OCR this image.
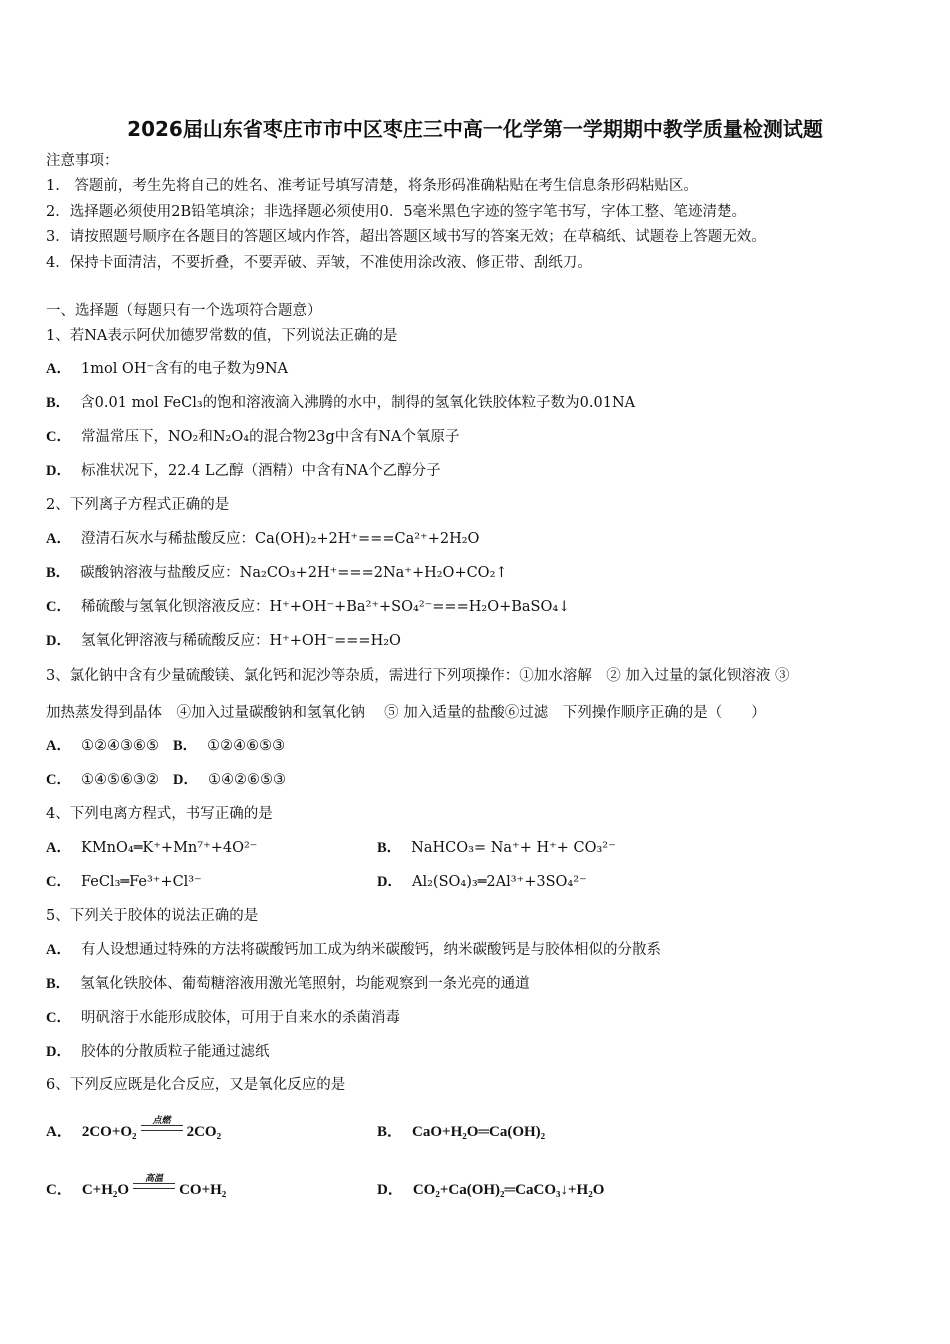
2026届山东省枣庄市市中区枣庄三中高一化学第一学期期中教学质量检测试题
注意事项：
1.　答题前，考生先将自己的姓名、准考证号填写清楚，将条形码准确粘贴在考生信息条形码粘贴区。
2．选择题必须使用2B铅笔填涂；非选择题必须使用0．5毫米黑色字迹的签字笔书写，字体工整、笔迹清楚。
3．请按照题号顺序在各题目的答题区域内作答，超出答题区域书写的答案无效；在草稿纸、试题卷上答题无效。
4．保持卡面清洁，不要折叠，不要弄破、弄皱，不准使用涂改液、修正带、刮纸刀。
一、选择题（每题只有一个选项符合题意）
1、若NA表示阿伏加德罗常数的值，下列说法正确的是
A． 1mol OH⁻含有的电子数为9NA
B． 含0.01 mol FeCl₃的饱和溶液滴入沸腾的水中，制得的氢氧化铁胶体粒子数为0.01NA
C． 常温常压下，NO₂和N₂O₄的混合物23g中含有NA个氧原子
D． 标准状况下，22.4 L乙醇（酒精）中含有NA个乙醇分子
2、下列离子方程式正确的是
A． 澄清石灰水与稀盐酸反应：Ca(OH)₂+2H⁺===Ca²⁺+2H₂O
B． 碳酸钠溶液与盐酸反应：Na₂CO₃+2H⁺===2Na⁺+H₂O+CO₂↑
C． 稀硫酸与氢氧化钡溶液反应：H⁺+OH⁻+Ba²⁺+SO₄²⁻===H₂O+BaSO₄↓
D． 氢氧化钾溶液与稀硫酸反应：H⁺+OH⁻===H₂O
3、氯化钠中含有少量硫酸镁、氯化钙和泥沙等杂质，需进行下列项操作：①加水溶解　② 加入过量的氯化钡溶液 ③
加热蒸发得到晶体　④加入过量碳酸钠和氢氧化钠　 ⑤ 加入适量的盐酸⑥过滤　下列操作顺序正确的是（　　）
A． ①②④③⑥⑤ B． ①②④⑥⑤③
C． ①④⑤⑥③② D． ①④②⑥⑤③
4、下列电离方程式，书写正确的是
A． KMnO₄═K⁺+Mn⁷⁺+4O²⁻	B． NaHCO₃= Na⁺+ H⁺+ CO₃²⁻
C． FeCl₃═Fe³⁺+Cl³⁻	D． Al₂(SO₄)₃═2Al³⁺+3SO₄²⁻
5、下列关于胶体的说法正确的是
A． 有人设想通过特殊的方法将碳酸钙加工成为纳米碳酸钙，纳米碳酸钙是与胶体相似的分散系
B． 氢氧化铁胶体、葡萄糖溶液用激光笔照射，均能观察到一条光亮的通道
C． 明矾溶于水能形成胶体，可用于自来水的杀菌消毒
D． 胶体的分散质粒子能通过滤纸
6、下列反应既是化合反应，又是氧化反应的是
A． 2CO+O₂
点燃
2CO₂	B． CaO+H₂O═Ca(OH)₂
C． C+H₂O
高温
CO+H₂	D． CO₂+Ca(OH)₂═CaCO₃↓+H₂O
